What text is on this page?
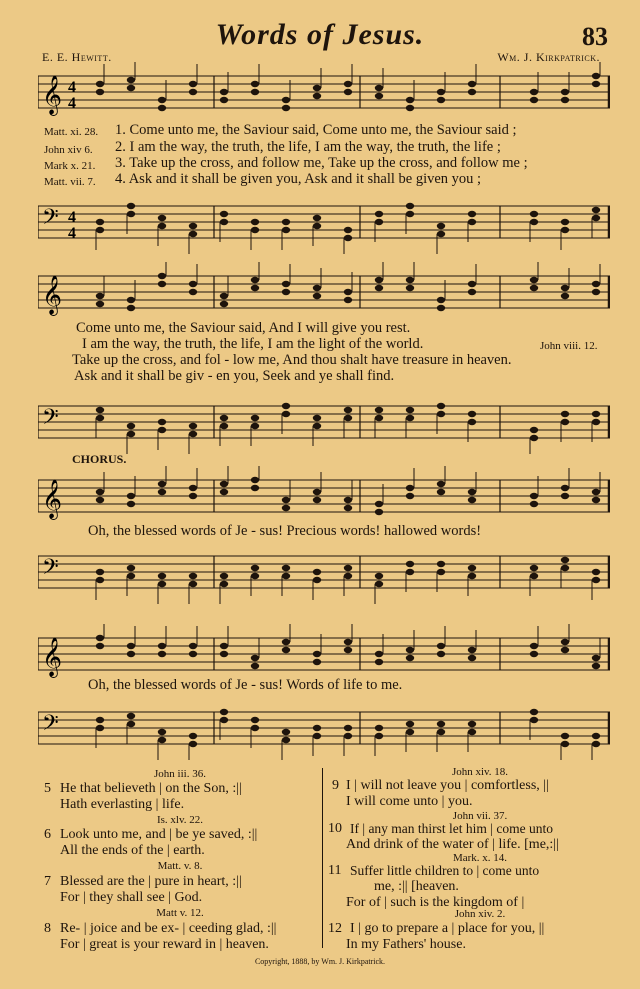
Words of Jesus.	83
E. E. Hewitt.	Wm. J. Kirkpatrick.
𝄞 4
4
Matt. xi. 28. 1. Come unto me, the Saviour said, Come unto me, the Saviour said ;
John xiv 6. 2. I am the way, the truth, the life, I am the way, the truth, the life ;
Mark x. 21. 3. Take up the cross, and follow me, Take up the cross, and follow me ;
Matt. vii. 7. 4. Ask and it shall be given you, Ask and it shall be given you ;
𝄢 4
4
𝄞
Come unto me, the Saviour said, And I will give you rest.
I am the way, the truth, the life, I am the light of the world.	John viii. 12.
Take up the cross, and fol - low me, And thou shalt have treasure in heaven.
Ask and it shall be giv - en you, Seek and ye shall find.
𝄢
CHORUS.
𝄞
Oh, the blessed words of Je - sus! Precious words! hallowed words!
𝄢
𝄞
Oh, the blessed words of Je - sus! Words of life to me.
𝄢
John iii. 36.
5 He that believeth | on the Son, :||
Hath everlasting | life.
Is. xlv. 22.
6 Look unto me, and | be ye saved, :||
All the ends of the | earth.
Matt. v. 8.
7 Blessed are the | pure in heart, :||
For | they shall see | God.
Matt v. 12.
8 Re- | joice and be ex- | ceeding glad, :||
For | great is your reward in | heaven.
John xiv. 18.
9 I | will not leave you | comfortless, ||
I will come unto | you.
John vii. 37.
10 If | any man thirst let him | come unto
And drink of the water of | life. [me,:||
Mark. x. 14.
11 Suffer little children to | come unto
me, :|| [heaven.
For of | such is the kingdom of |
John xiv. 2.
12 I | go to prepare a | place for you, ||
In my Fathers' house.
Copyright, 1888, by Wm. J. Kirkpatrick.
